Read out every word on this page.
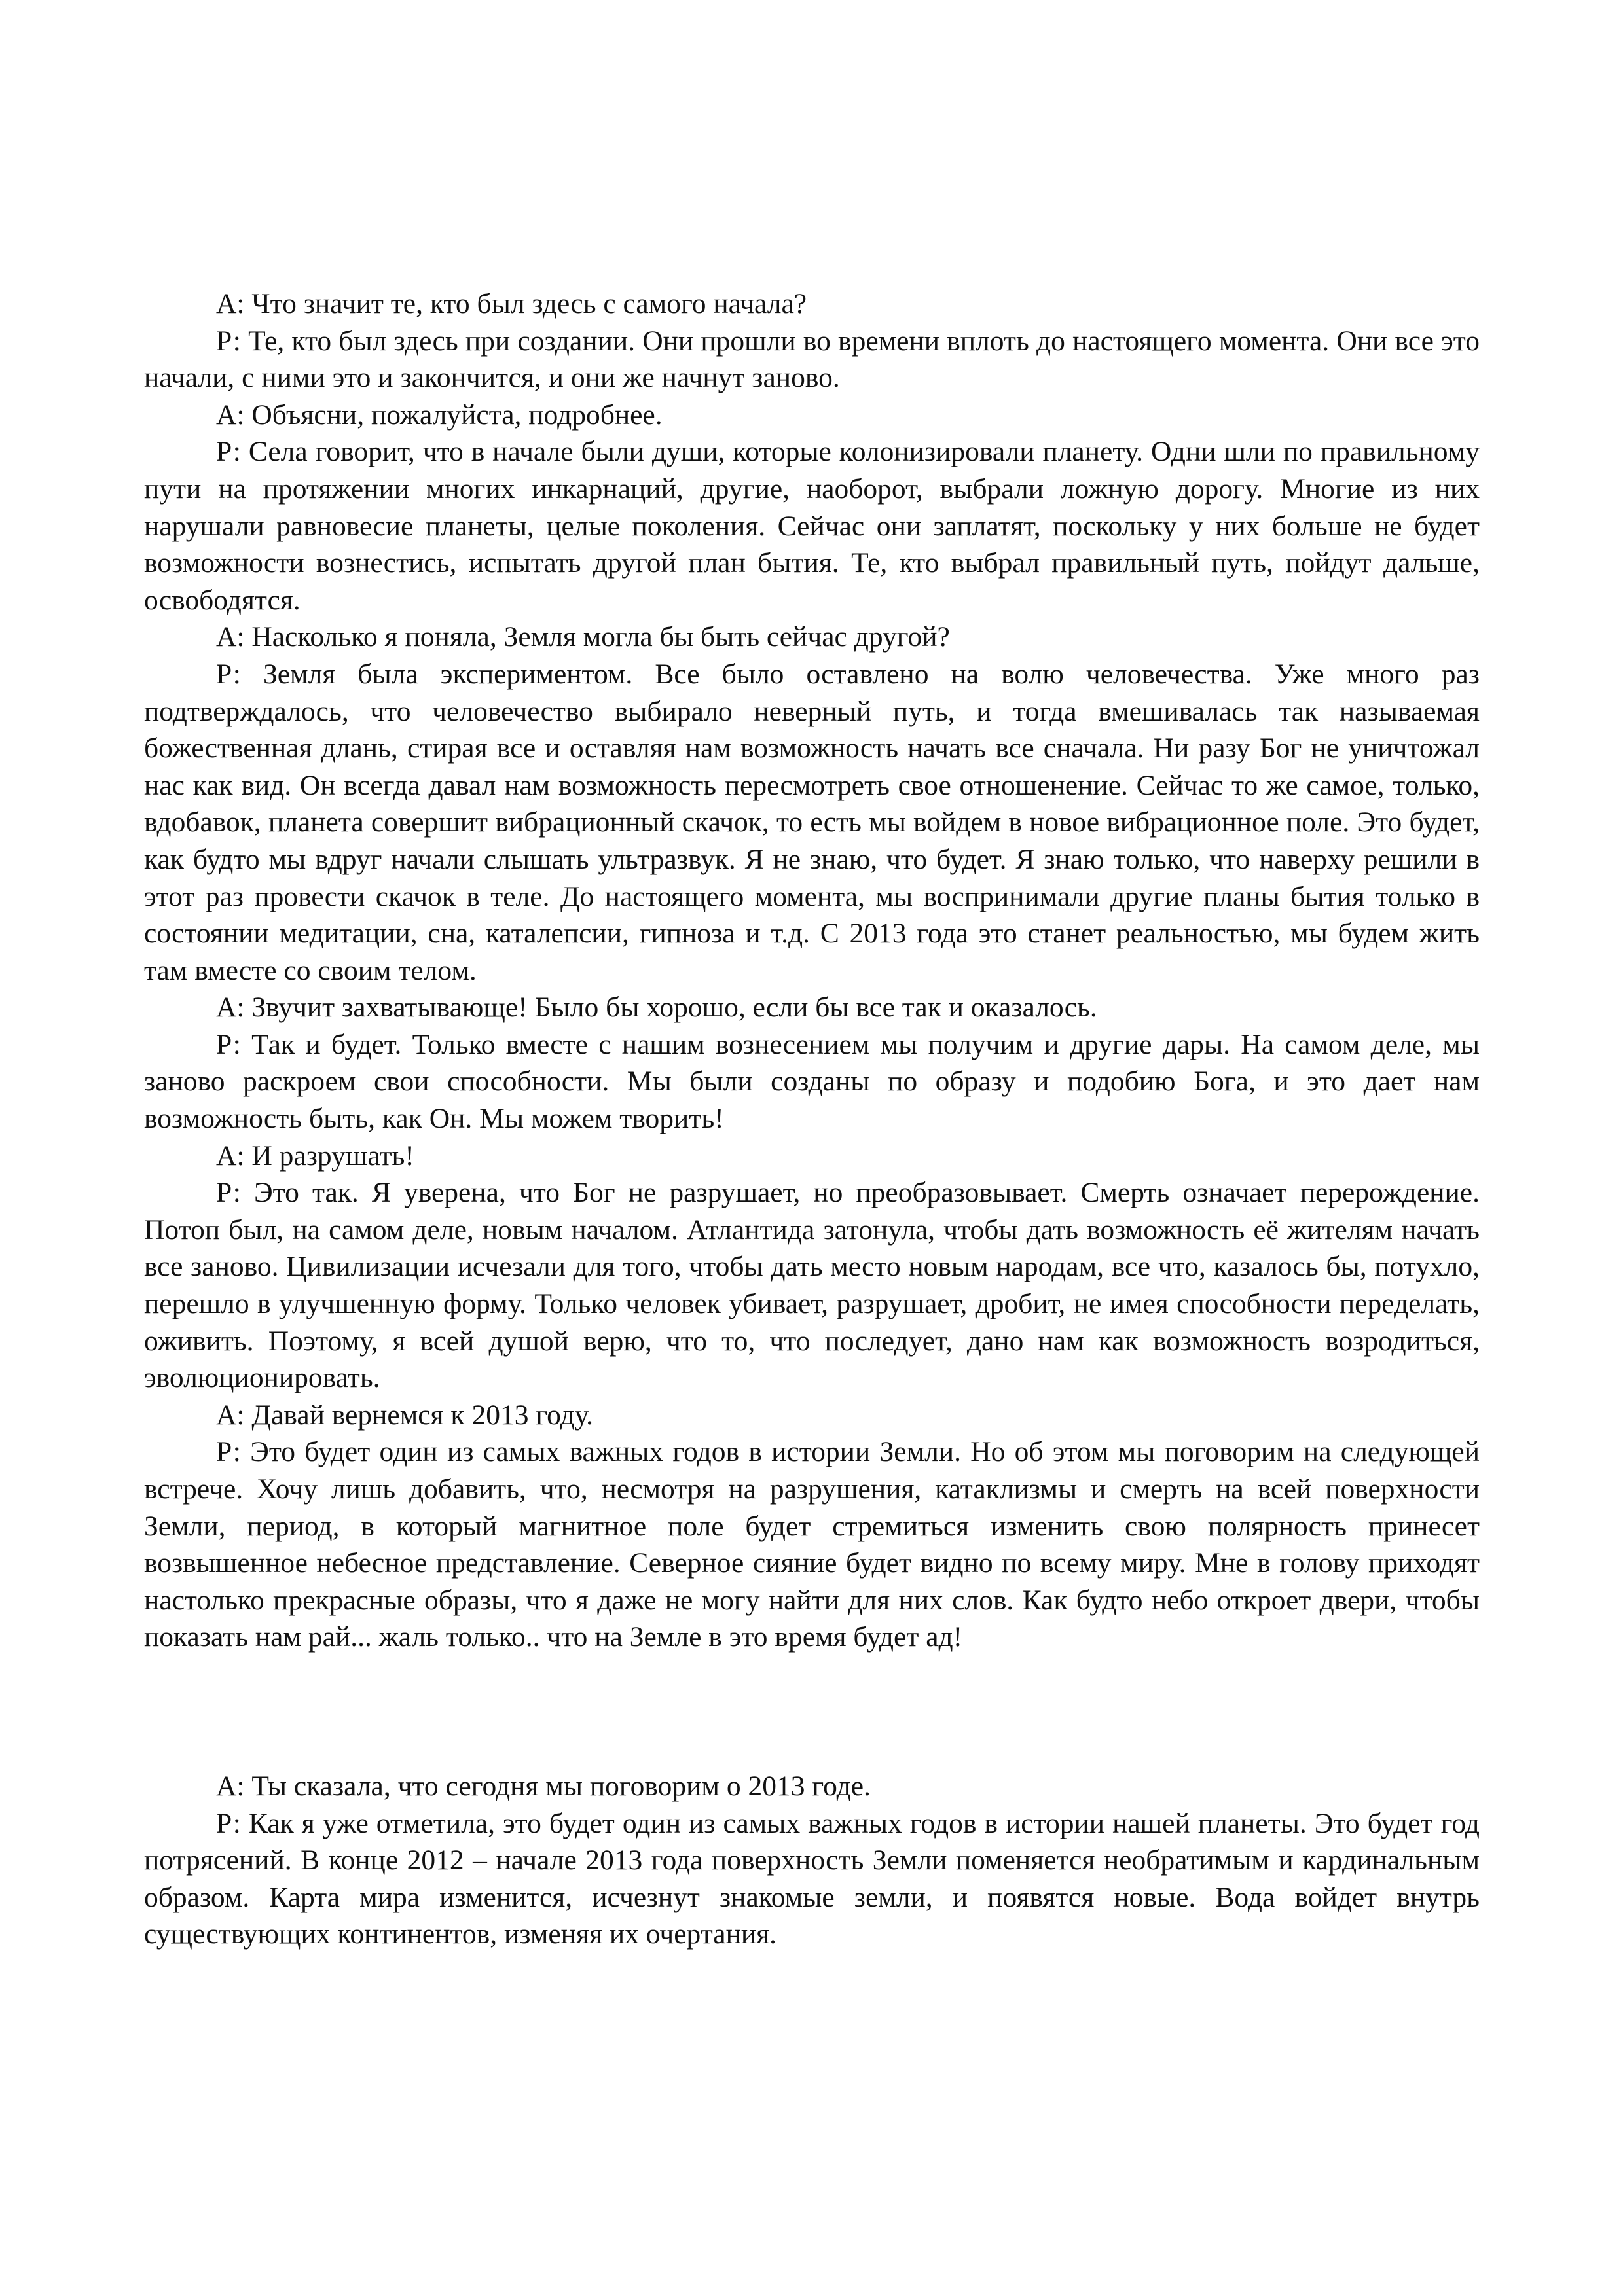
А: Что значит те, кто был здесь с самого начала?

Р: Те, кто был здесь при создании. Они прошли во времени вплоть до настоящего момента. Они все это начали, с ними это и закончится, и они же начнут заново.

А: Объясни, пожалуйста, подробнее.

Р: Села говорит, что в начале были души, которые колонизировали планету. Одни шли по правильному пути на протяжении многих инкарнаций, другие, наоборот, выбрали ложную дорогу. Многие из них нарушали равновесие планеты, целые поколения. Сейчас они заплатят, поскольку у них больше не будет возможности вознестись, испытать другой план бытия. Те, кто выбрал правильный путь, пойдут дальше, освободятся.

А: Насколько я поняла, Земля могла бы быть сейчас другой?

Р: Земля была экспериментом. Все было оставлено на волю человечества. Уже много раз подтверждалось, что человечество выбирало неверный путь, и тогда вмешивалась так называемая божественная длань, стирая все и оставляя нам возможность начать все сначала. Ни разу Бог не уничтожал нас как вид. Он всегда давал нам возможность пересмотреть свое отношенение. Сейчас то же самое, только, вдобавок, планета совершит вибрационный скачок, то есть мы войдем в новое вибрационное поле. Это будет, как будто мы вдруг начали слышать ультразвук. Я не знаю, что будет. Я знаю только, что наверху решили в этот раз провести скачок в теле. До настоящего момента, мы воспринимали другие планы бытия только в состоянии медитации, сна, каталепсии, гипноза и т.д. С 2013 года это станет реальностью, мы будем жить там вместе со своим телом.

А: Звучит захватывающе! Было бы хорошо, если бы все так и оказалось.

Р: Так и будет. Только вместе с нашим вознесением мы получим и другие дары. На самом деле, мы заново раскроем свои способности. Мы были созданы по образу и подобию Бога, и это дает нам возможность быть, как Он. Мы можем творить!

А: И разрушать!

Р: Это так. Я уверена, что Бог не разрушает, но преобразовывает. Смерть означает перерождение. Потоп был, на самом деле, новым началом. Атлантида затонула, чтобы дать возможность её жителям начать все заново. Цивилизации исчезали для того, чтобы дать место новым народам, все что, казалось бы, потухло, перешло в улучшенную форму. Только человек убивает, разрушает, дробит, не имея способности переделать, оживить. Поэтому, я всей душой верю, что то, что последует, дано нам как возможность возродиться, эволюционировать.

А: Давай вернемся к 2013 году.

Р: Это будет один из самых важных годов в истории Земли. Но об этом мы поговорим на следующей встрече. Хочу лишь добавить, что, несмотря на разрушения, катаклизмы и смерть на всей поверхности Земли, период, в который магнитное поле будет стремиться изменить свою полярность принесет возвышенное небесное представление. Северное сияние будет видно по всему миру. Мне в голову приходят настолько прекрасные образы, что я даже не могу найти для них слов. Как будто небо откроет двери, чтобы показать нам рай... жаль только.. что на Земле в это время будет ад!

А: Ты сказала, что сегодня мы поговорим о 2013 годе.

Р: Как я уже отметила, это будет один из самых важных годов в истории нашей планеты. Это будет год потрясений. В конце 2012 – начале 2013 года поверхность Земли поменяется необратимым и кардинальным образом. Карта мира изменится, исчезнут знакомые земли, и появятся новые. Вода войдет внутрь существующих континентов, изменяя их очертания.
